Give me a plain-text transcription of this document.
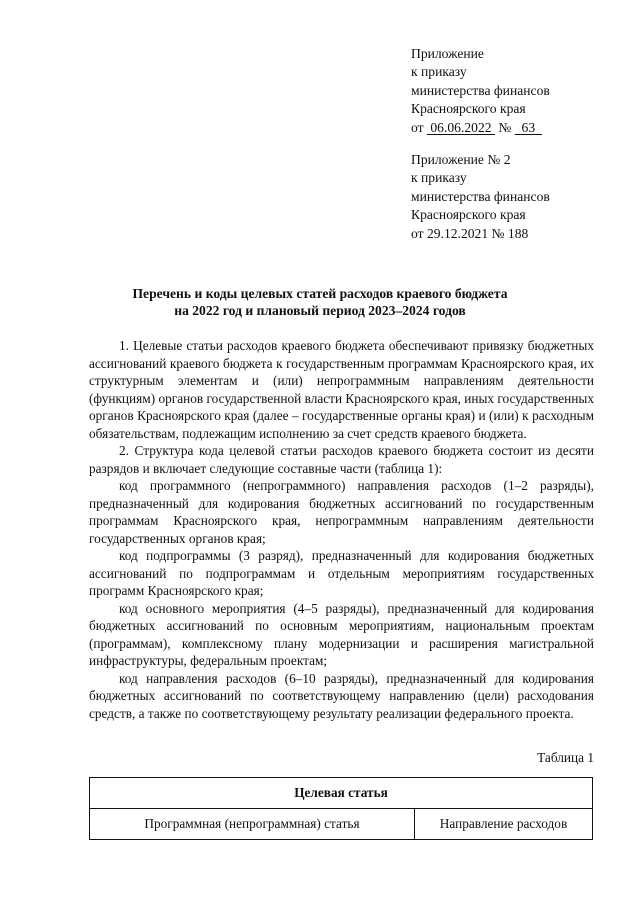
Приложение
к приказу
министерства финансов
Красноярского края
от 06.06.2022 № 63
Приложение № 2
к приказу
министерства финансов
Красноярского края
от 29.12.2021 № 188
Перечень и коды целевых статей расходов краевого бюджета
на 2022 год и плановый период 2023–2024 годов

1. Целевые статьи расходов краевого бюджета обеспечивают привязку бюджетных ассигнований краевого бюджета к государственным программам Красноярского края, их структурным элементам и (или) непрограммным направлениям деятельности (функциям) органов государственной власти Красноярского края, иных государственных органов Красноярского края (далее – государственные органы края) и (или) к расходным обязательствам, подлежащим исполнению за счет средств краевого бюджета.

2. Структура кода целевой статьи расходов краевого бюджета состоит из десяти разрядов и включает следующие составные части (таблица 1):

код программного (непрограммного) направления расходов (1–2 разряды), предназначенный для кодирования бюджетных ассигнований по государственным программам Красноярского края, непрограммным направлениям деятельности государственных органов края;

код подпрограммы (3 разряд), предназначенный для кодирования бюджетных ассигнований по подпрограммам и отдельным мероприятиям государственных программ Красноярского края;

код основного мероприятия (4–5 разряды), предназначенный для кодирования бюджетных ассигнований по основным мероприятиям, национальным проектам (программам), комплексному плану модернизации и расширения магистральной инфраструктуры, федеральным проектам;

код направления расходов (6–10 разряды), предназначенный для кодирования бюджетных ассигнований по соответствующему направлению (цели) расходования средств, а также по соответствующему результату реализации федерального проекта.

Таблица 1
Целевая статья
Программная (непрограммная) статья	Направление расходов
